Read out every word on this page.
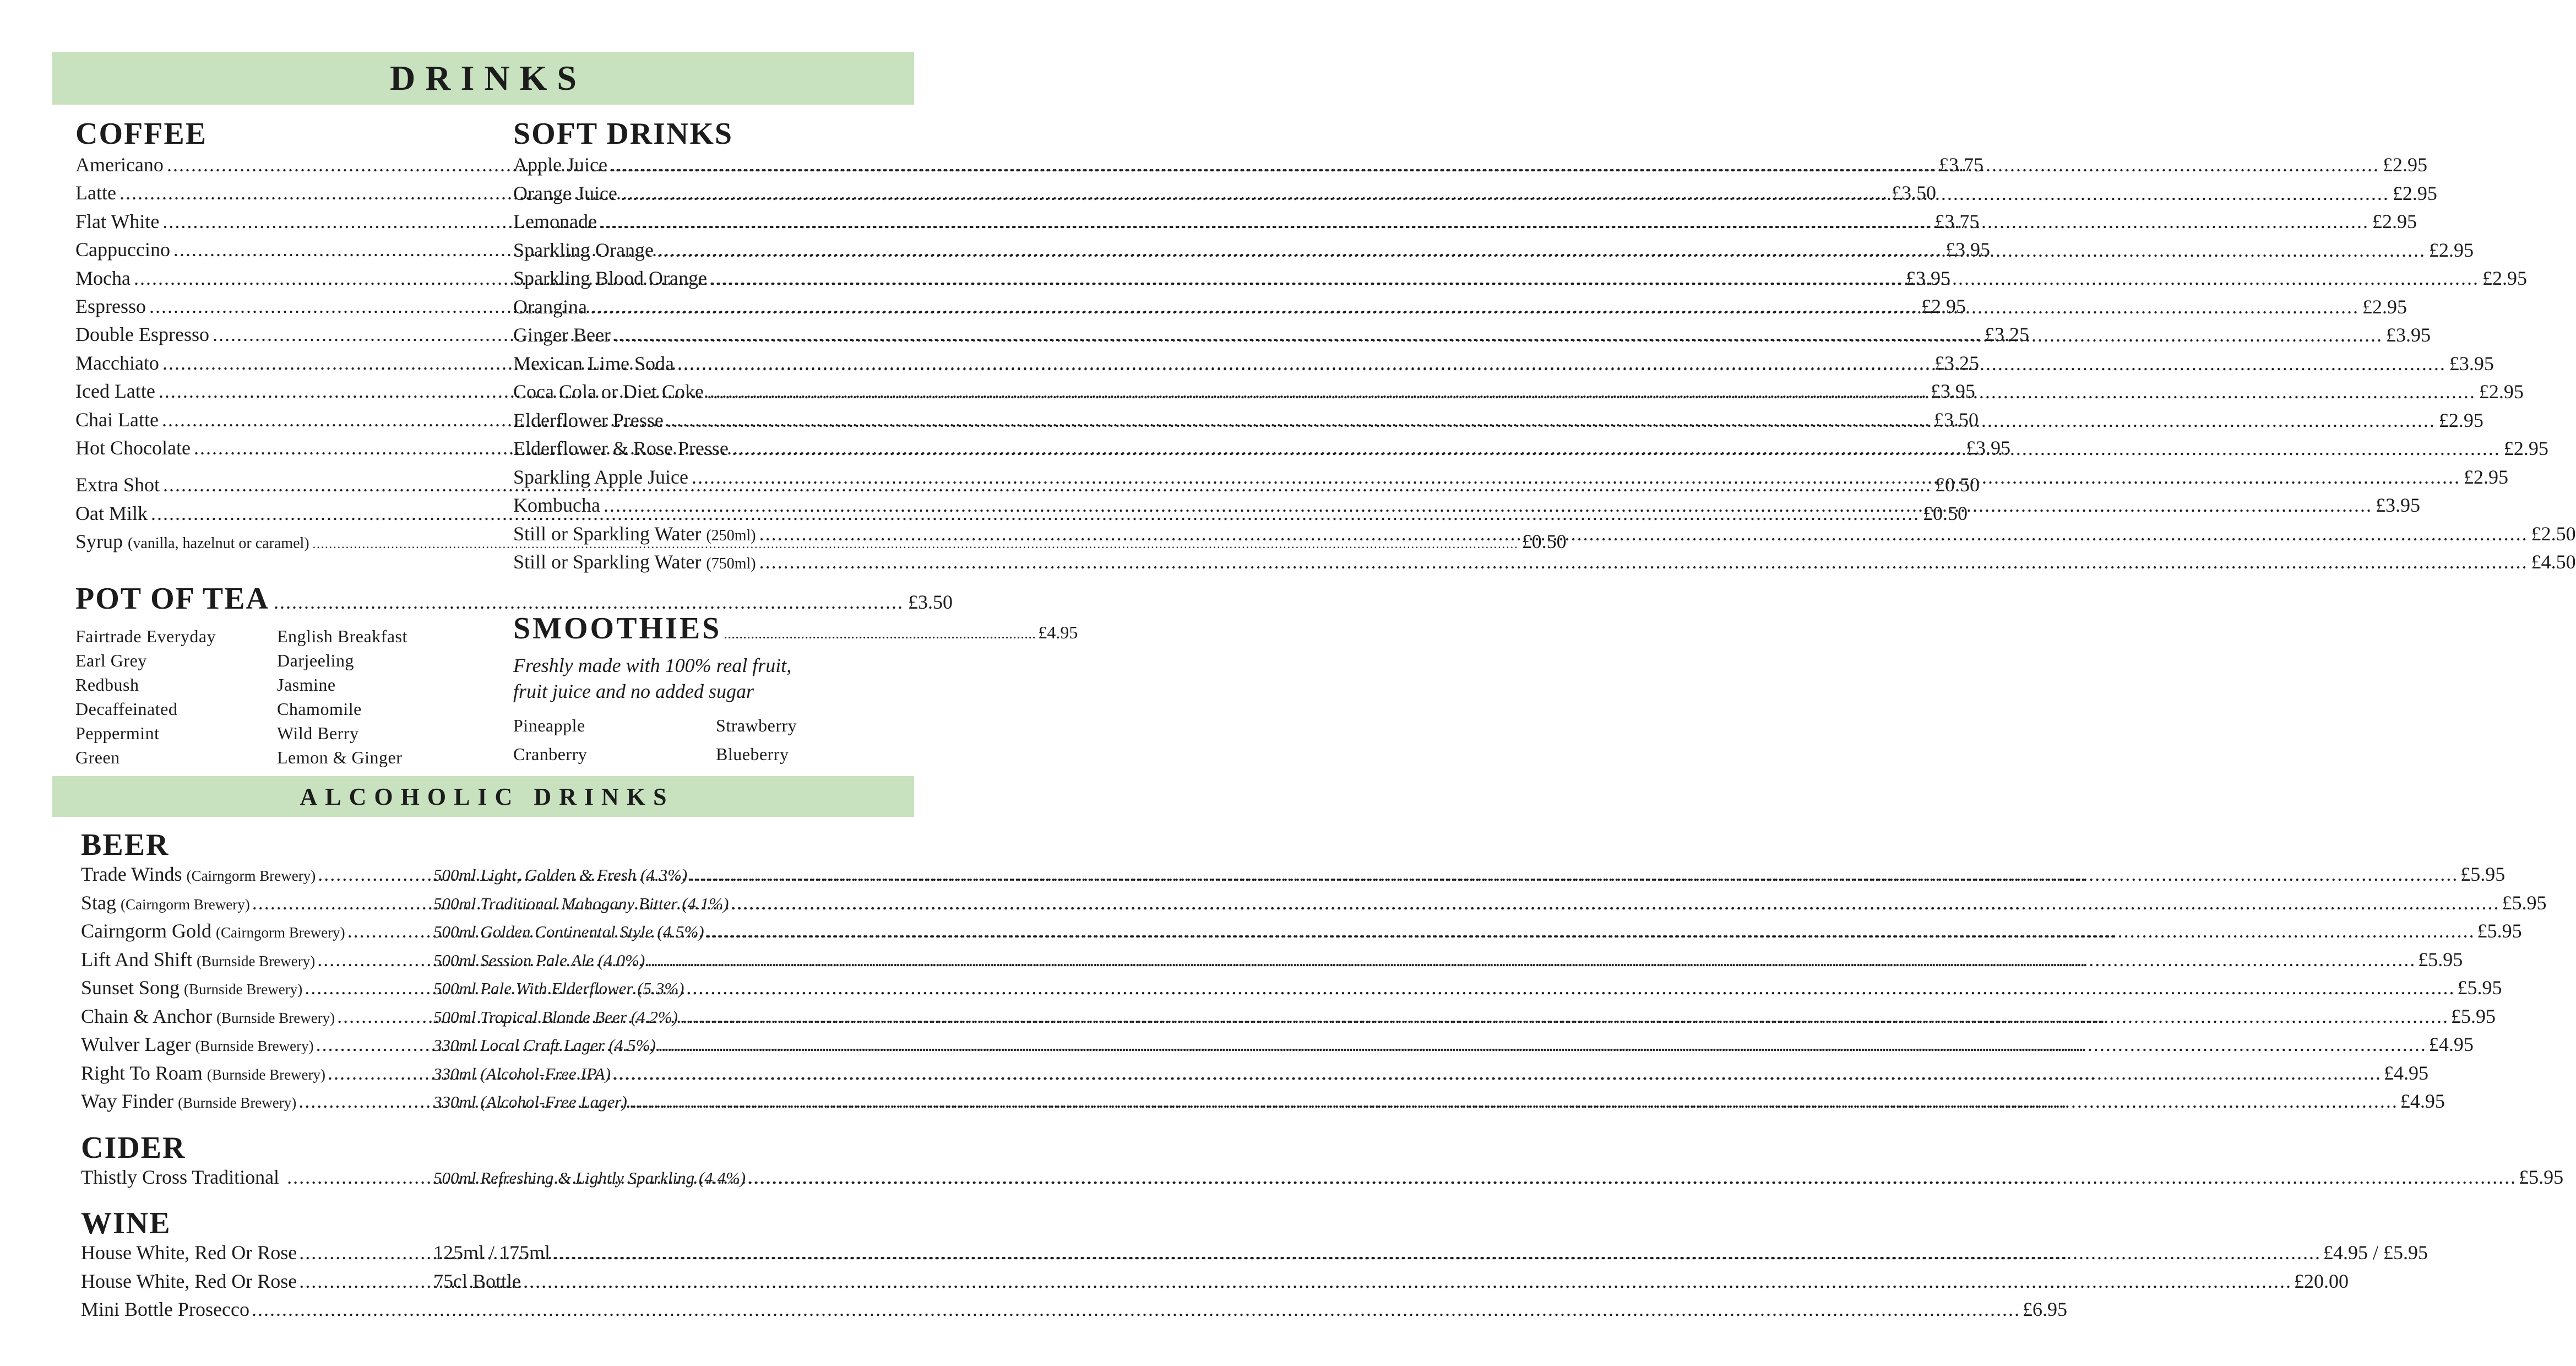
DRINKS
COFFEE
Americano .....	£3.75
Latte .....	£3.50
Flat White .....	£3.75
Cappuccino .....	£3.95
Mocha .....	£3.95
Espresso .....	£2.95
Double Espresso .....	£3.25
Macchiato .....	£3.25
Iced Latte .....	£3.95
Chai Latte .....	£3.50
Hot Chocolate .....	£3.95
Extra Shot .....	£0.50
Oat Milk .....	£0.50
Syrup (vanilla, hazelnut or caramel) .....	£0.50
POT OF TEA .....	£3.50
Fairtrade Everyday	English Breakfast
Earl Grey	Darjeeling
Redbush	Jasmine
Decaffeinated	Chamomile
Peppermint	Wild Berry
Green	Lemon & Ginger
SOFT DRINKS
Apple Juice .....	£2.95
Orange Juice .....	£2.95
Lemonade .....	£2.95
Sparkling Orange .....	£2.95
Sparkling Blood Orange .....	£2.95
Orangina .....	£2.95
Ginger Beer .....	£3.95
Mexican Lime Soda .....	£3.95
Coca Cola or Diet Coke .....	£2.95
Elderflower Presse .....	£2.95
Elderflower & Rose Presse .....	£2.95
Sparkling Apple Juice .....	£2.95
Kombucha .....	£3.95
Still or Sparkling Water (250ml) .....	£2.50
Still or Sparkling Water (750ml) .....	£4.50
SMOOTHIES .....	£4.95
Freshly made with 100% real fruit,
fruit juice and no added sugar
Pineapple	Strawberry
Cranberry	Blueberry
ALCOHOLIC DRINKS
BEER
Trade Winds (Cairngorm Brewery) .....	500ml Light, Golden & Fresh (4.3%) .....	£5.95
Stag (Cairngorm Brewery) .....	500ml Traditional Mahogany Bitter (4.1%) .....	£5.95
Cairngorm Gold (Cairngorm Brewery) .....	500ml Golden Continental Style (4.5%) .....	£5.95
Lift And Shift (Burnside Brewery) .....	500ml Session Pale Ale (4.0%) .....	£5.95
Sunset Song (Burnside Brewery) .....	500ml Pale With Elderflower (5.3%) .....	£5.95
Chain & Anchor (Burnside Brewery) .....	500ml Tropical Blonde Beer (4.2%) .....	£5.95
Wulver Lager (Burnside Brewery) .....	330ml Local Craft Lager (4.5%) .....	£4.95
Right To Roam (Burnside Brewery) .....	330ml (Alcohol-Free IPA) .....	£4.95
Way Finder (Burnside Brewery) .....	330ml (Alcohol-Free Lager) .....	£4.95
CIDER
Thistly Cross Traditional .....	500ml Refreshing & Lightly Sparkling (4.4%) .....	£5.95
WINE
House White, Red Or Rose .....	125ml / 175ml .....	£4.95 / £5.95
House White, Red Or Rose .....	75cl Bottle .....	£20.00
Mini Bottle Prosecco .....	£6.95
